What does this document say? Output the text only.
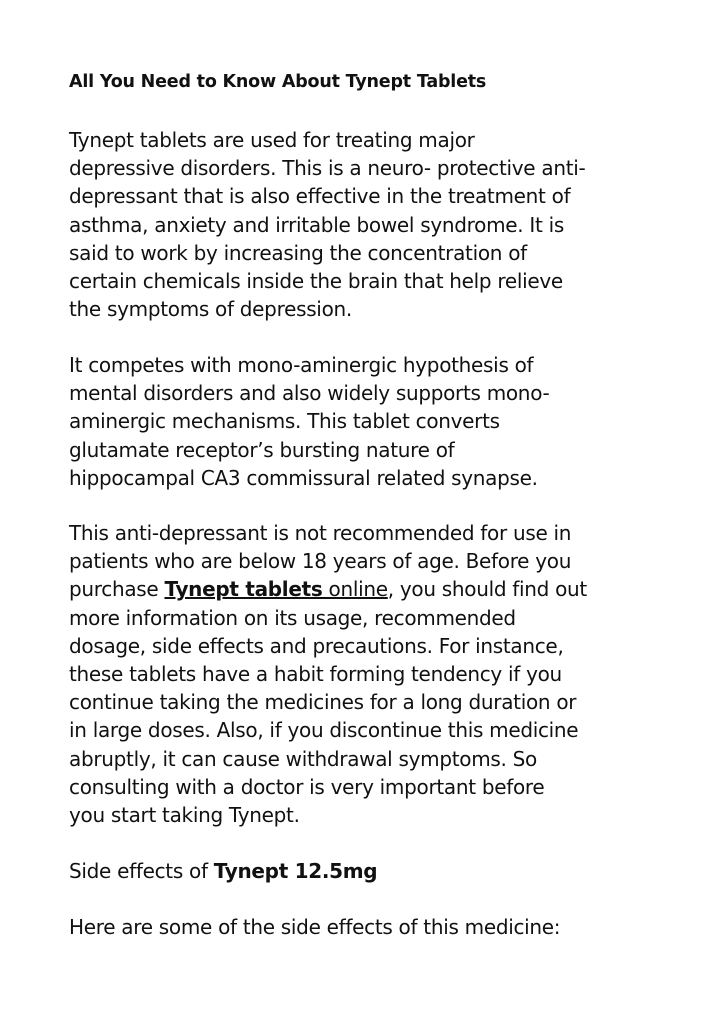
All You Need to Know About Tynept Tablets

Tynept tablets are used for treating major
depressive disorders. This is a neuro- protective anti-
depressant that is also effective in the treatment of
asthma, anxiety and irritable bowel syndrome. It is
said to work by increasing the concentration of
certain chemicals inside the brain that help relieve
the symptoms of depression.

It competes with mono-aminergic hypothesis of
mental disorders and also widely supports mono-
aminergic mechanisms. This tablet converts
glutamate receptor’s bursting nature of
hippocampal CA3 commissural related synapse.

This anti-depressant is not recommended for use in
patients who are below 18 years of age. Before you
purchase Tynept tablets online, you should find out
more information on its usage, recommended
dosage, side effects and precautions. For instance,
these tablets have a habit forming tendency if you
continue taking the medicines for a long duration or
in large doses. Also, if you discontinue this medicine
abruptly, it can cause withdrawal symptoms. So
consulting with a doctor is very important before
you start taking Tynept.

Side effects of Tynept 12.5mg

Here are some of the side effects of this medicine:
